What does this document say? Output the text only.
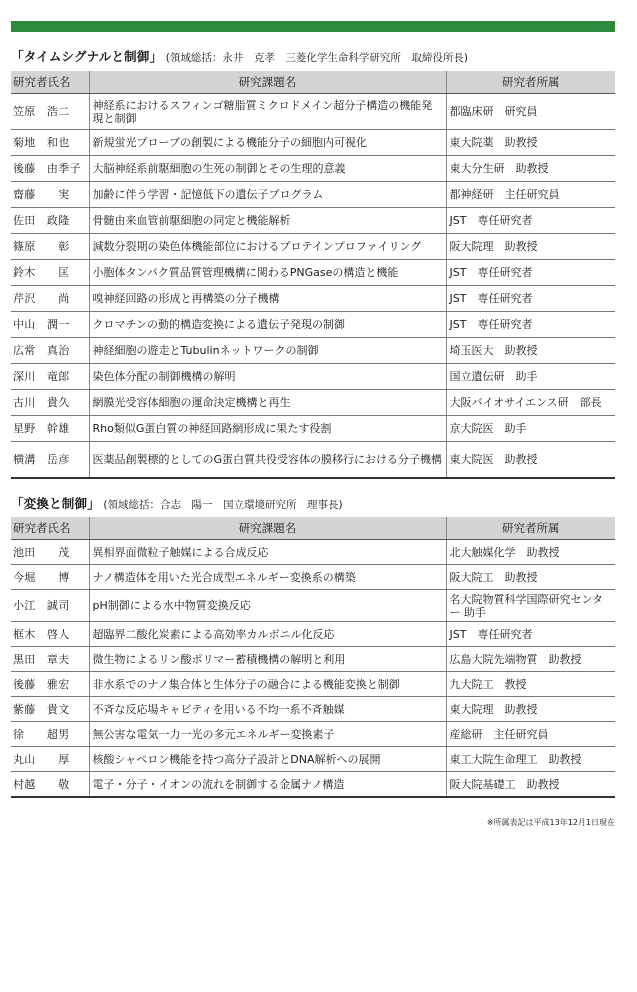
「タイムシグナルと制御」 (領域総括：永井　克孝　三菱化学生命科学研究所　取締役所長)
研究者氏名	研究課題名	研究者所属
笠原　浩二	神経系におけるスフィンゴ糖脂質ミクロドメイン超分子構造の機能発現と制御	都臨床研　研究員
菊地　和也	新規蛍光プローブの創製による機能分子の細胞内可視化	東大院薬　助教授
後藤　由季子	大脳神経系前駆細胞の生死の制御とその生理的意義	東大分生研　助教授
齋藤　　実	加齢に伴う学習・記憶低下の遺伝子プログラム	都神経研　主任研究員
佐田　政隆	骨髄由来血管前駆細胞の同定と機能解析	JST　専任研究者
篠原　　彰	減数分裂期の染色体機能部位におけるプロテインプロファイリング	阪大院理　助教授
鈴木　　匡	小胞体タンパク質品質管理機構に関わるPNGaseの構造と機能	JST　専任研究者
芹沢　　尚	嗅神経回路の形成と再構築の分子機構	JST　専任研究者
中山　潤一	クロマチンの動的構造変換による遺伝子発現の制御	JST　専任研究者
広常　真治	神経細胞の遊走とTubulinネットワークの制御	埼玉医大　助教授
深川　竜郎	染色体分配の制御機構の解明	国立遺伝研　助手
古川　貴久	網膜光受容体細胞の運命決定機構と再生	大阪バイオサイエンス研　部長
星野　幹雄	Rho類似G蛋白質の神経回路網形成に果たす役割	京大院医　助手
横溝　岳彦	医薬品創製標的としてのG蛋白質共役受容体の膜移行における分子機構	東大院医　助教授
「変換と制御」 (領域総括：合志　陽一　国立環境研究所　理事長)
研究者氏名	研究課題名	研究者所属
池田　　茂	異相界面微粒子触媒による合成反応	北大触媒化学　助教授
今堀　　博	ナノ構造体を用いた光合成型エネルギー変換系の構築	阪大院工　助教授
小江　誠司	pH制御による水中物質変換反応	名大院物質科学国際研究センター 助手
框木　啓人	超臨界二酸化炭素による高効率カルボニル化反応	JST　専任研究者
黒田　章夫	微生物によるリン酸ポリマー蓄積機構の解明と利用	広島大院先端物質　助教授
後藤　雅宏	非水系でのナノ集合体と生体分子の融合による機能変換と制御	九大院工　教授
紫藤　貴文	不斉な反応場キャビティを用いる不均一系不斉触媒	東大院理　助教授
徐　　超男	無公害な電気一力一光の多元エネルギー変換素子	産総研　主任研究員
丸山　　厚	核酸シャペロン機能を持つ高分子設計とDNA解析への展開	東工大院生命理工　助教授
村越　　敬	電子・分子・イオンの流れを制御する金属ナノ構造	阪大院基礎工　助教授
※所属表記は平成13年12月1日現在
